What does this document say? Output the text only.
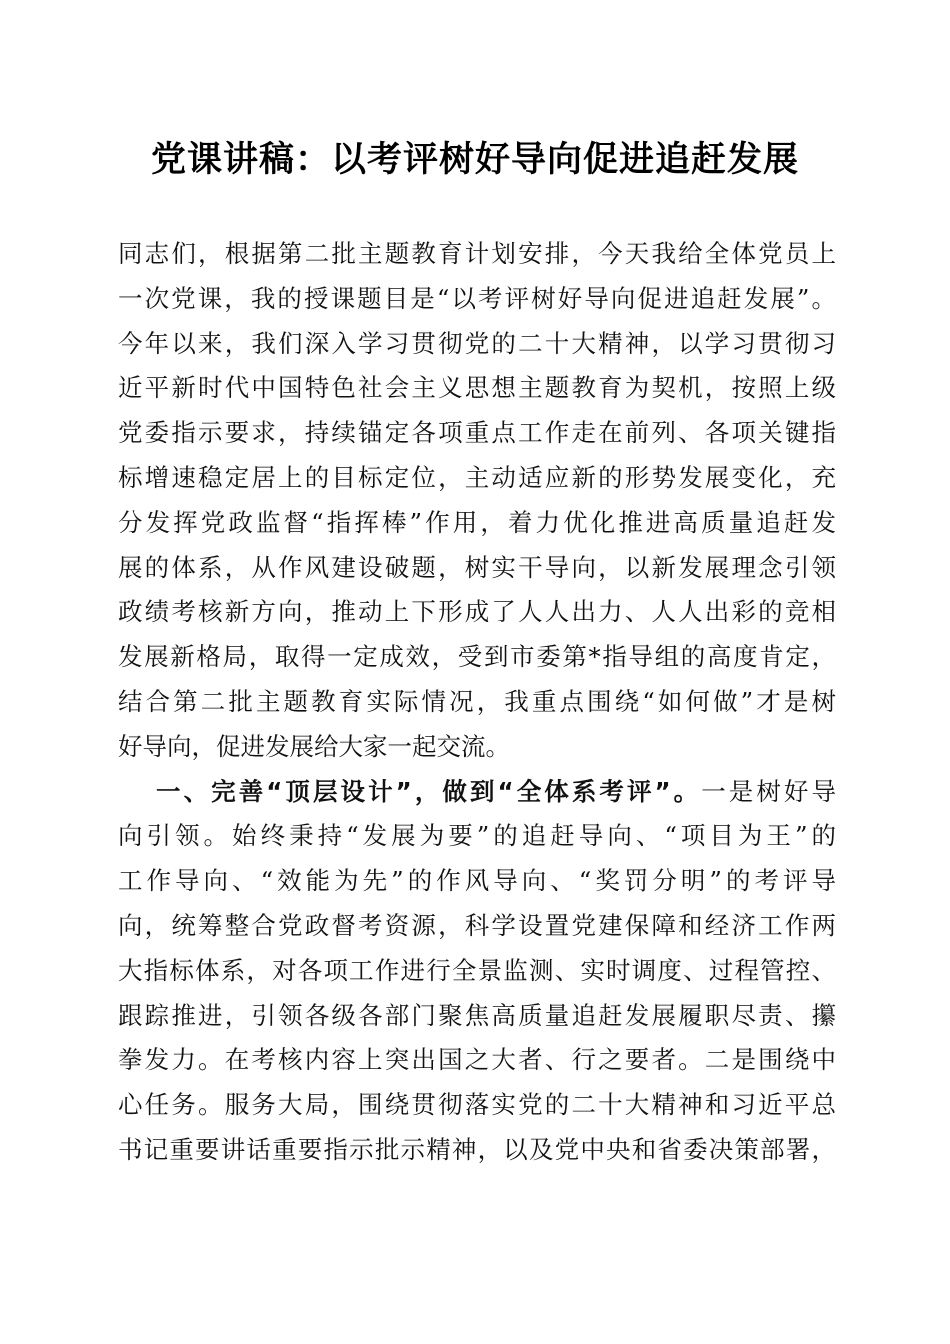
党课讲稿：以考评树好导向促进追赶发展
同志们，根据第二批主题教育计划安排，今天我给全体党员上
一次党课，我的授课题目是“以考评树好导向促进追赶发展”。
今年以来，我们深入学习贯彻党的二十大精神，以学习贯彻习
近平新时代中国特色社会主义思想主题教育为契机，按照上级
党委指示要求，持续锚定各项重点工作走在前列、各项关键指
标增速稳定居上的目标定位，主动适应新的形势发展变化，充
分发挥党政监督“指挥棒”作用，着力优化推进高质量追赶发
展的体系，从作风建设破题，树实干导向，以新发展理念引领
政绩考核新方向，推动上下形成了人人出力、人人出彩的竞相
发展新格局，取得一定成效，受到市委第*指导组的高度肯定，
结合第二批主题教育实际情况，我重点围绕“如何做”才是树
好导向，促进发展给大家一起交流。
一、完善“顶层设计”，做到“全体系考评”。一是树好导
向引领。始终秉持“发展为要”的追赶导向、“项目为王”的
工作导向、“效能为先”的作风导向、“奖罚分明”的考评导
向，统筹整合党政督考资源，科学设置党建保障和经济工作两
大指标体系，对各项工作进行全景监测、实时调度、过程管控、
跟踪推进，引领各级各部门聚焦高质量追赶发展履职尽责、攥
拳发力。在考核内容上突出国之大者、行之要者。二是围绕中
心任务。服务大局，围绕贯彻落实党的二十大精神和习近平总
书记重要讲话重要指示批示精神，以及党中央和省委决策部署，
